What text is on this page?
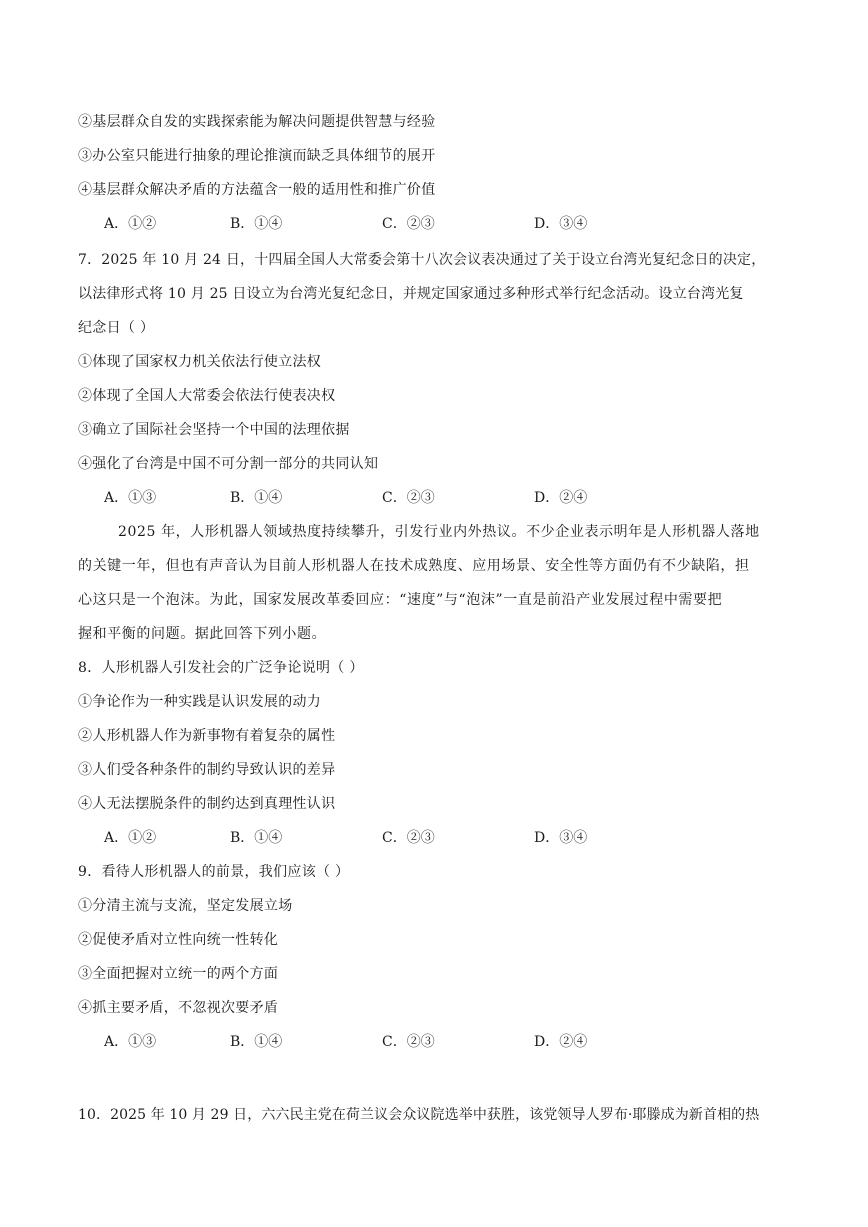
②基层群众自发的实践探索能为解决问题提供智慧与经验
③办公室只能进行抽象的理论推演而缺乏具体细节的展开
④基层群众解决矛盾的方法蕴含一般的适用性和推广价值
A．①②	B．①④	C．②③	D．③④
7．2025 年 10 月 24 日，十四届全国人大常委会第十八次会议表决通过了关于设立台湾光复纪念日的决定，
以法律形式将 10 月 25 日设立为台湾光复纪念日，并规定国家通过多种形式举行纪念活动。设立台湾光复
纪念日（ ）
①体现了国家权力机关依法行使立法权
②体现了全国人大常委会依法行使表决权
③确立了国际社会坚持一个中国的法理依据
④强化了台湾是中国不可分割一部分的共同认知
A．①③	B．①④	C．②③	D．②④
2025 年，人形机器人领域热度持续攀升，引发行业内外热议。不少企业表示明年是人形机器人落地
的关键一年，但也有声音认为目前人形机器人在技术成熟度、应用场景、安全性等方面仍有不少缺陷，担
心这只是一个泡沫。为此，国家发展改革委回应：“速度”与“泡沫”一直是前沿产业发展过程中需要把
握和平衡的问题。据此回答下列小题。
8．人形机器人引发社会的广泛争论说明（ ）
①争论作为一种实践是认识发展的动力
②人形机器人作为新事物有着复杂的属性
③人们受各种条件的制约导致认识的差异
④人无法摆脱条件的制约达到真理性认识
A．①②	B．①④	C．②③	D．③④
9．看待人形机器人的前景，我们应该（ ）
①分清主流与支流，坚定发展立场
②促使矛盾对立性向统一性转化
③全面把握对立统一的两个方面
④抓主要矛盾，不忽视次要矛盾
A．①③	B．①④	C．②③	D．②④
10．2025 年 10 月 29 日，六六民主党在荷兰议会众议院选举中获胜，该党领导人罗布·耶滕成为新首相的热
